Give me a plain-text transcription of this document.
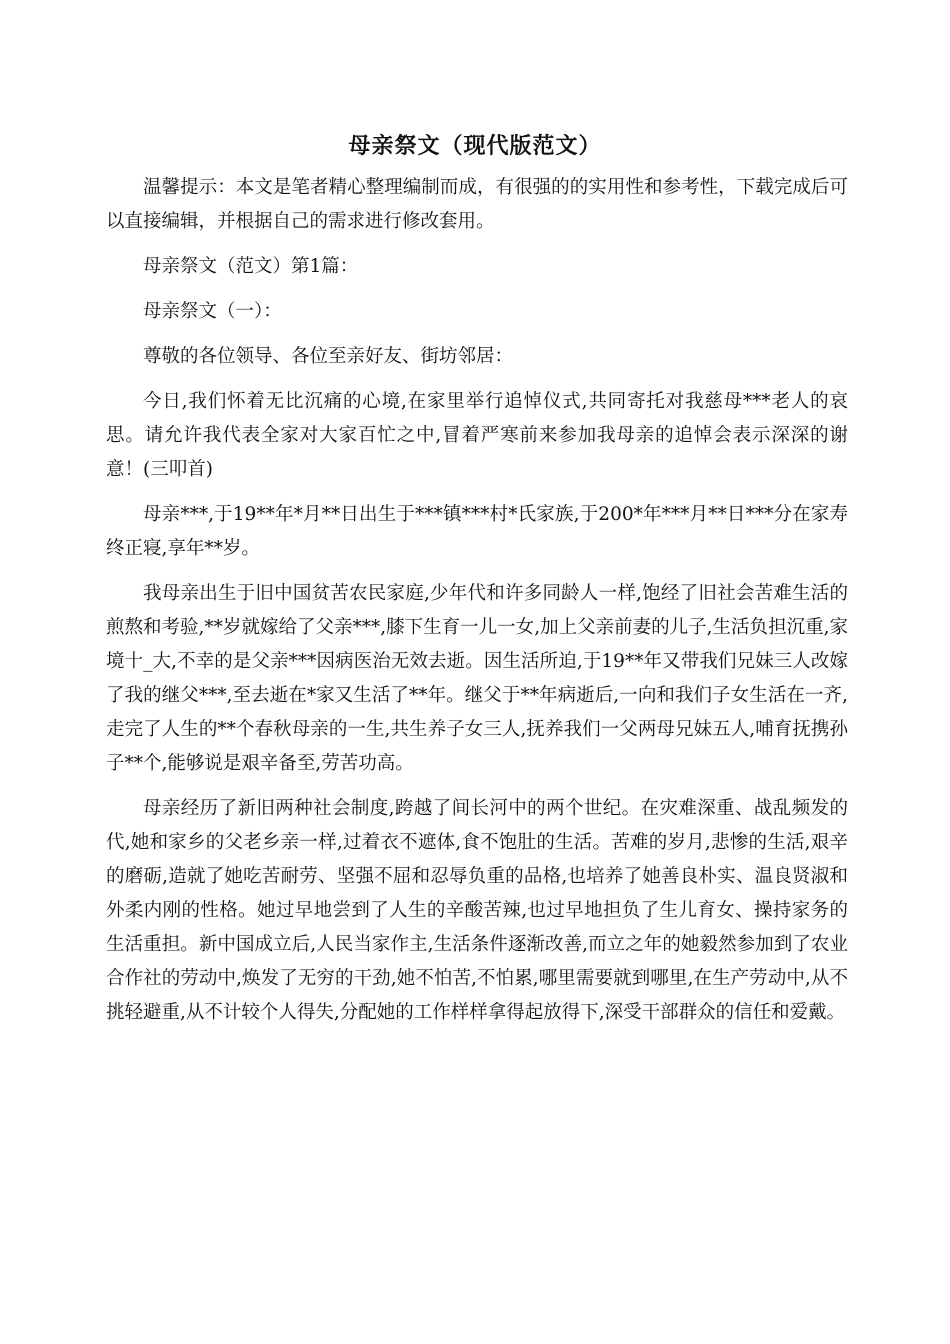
母亲祭文（现代版范文）

温馨提示：本文是笔者精心整理编制而成，有很强的的实用性和参考性，下载完成后可以直接编辑，并根据自己的需求进行修改套用。

母亲祭文（范文）第1篇：

母亲祭文（一）：

尊敬的各位领导、各位至亲好友、街坊邻居：

今日,我们怀着无比沉痛的心境,在家里举行追悼仪式,共同寄托对我慈母***老人的哀思。请允许我代表全家对大家百忙之中,冒着严寒前来参加我母亲的追悼会表示深深的谢意！(三叩首)

母亲***,于19**年*月**日出生于***镇***村*氏家族,于200*年***月**日***分在家寿终正寝,享年**岁。

我母亲出生于旧中国贫苦农民家庭,少年代和许多同龄人一样,饱经了旧社会苦难生活的煎熬和考验,**岁就嫁给了父亲***,膝下生育一儿一女,加上父亲前妻的儿子,生活负担沉重,家境十_大,不幸的是父亲***因病医治无效去逝。因生活所迫,于19**年又带我们兄妹三人改嫁了我的继父***,至去逝在*家又生活了**年。继父于**年病逝后,一向和我们子女生活在一齐,走完了人生的**个春秋母亲的一生,共生养子女三人,抚养我们一父两母兄妹五人,哺育抚携孙子**个,能够说是艰辛备至,劳苦功高。

母亲经历了新旧两种社会制度,跨越了间长河中的两个世纪。在灾难深重、战乱频发的代,她和家乡的父老乡亲一样,过着衣不遮体,食不饱肚的生活。苦难的岁月,悲惨的生活,艰辛的磨砺,造就了她吃苦耐劳、坚强不屈和忍辱负重的品格,也培养了她善良朴实、温良贤淑和外柔内刚的性格。她过早地尝到了人生的辛酸苦辣,也过早地担负了生儿育女、操持家务的生活重担。新中国成立后,人民当家作主,生活条件逐渐改善,而立之年的她毅然参加到了农业合作社的劳动中,焕发了无穷的干劲,她不怕苦,不怕累,哪里需要就到哪里,在生产劳动中,从不挑轻避重,从不计较个人得失,分配她的工作样样拿得起放得下,深受干部群众的信任和爱戴。
